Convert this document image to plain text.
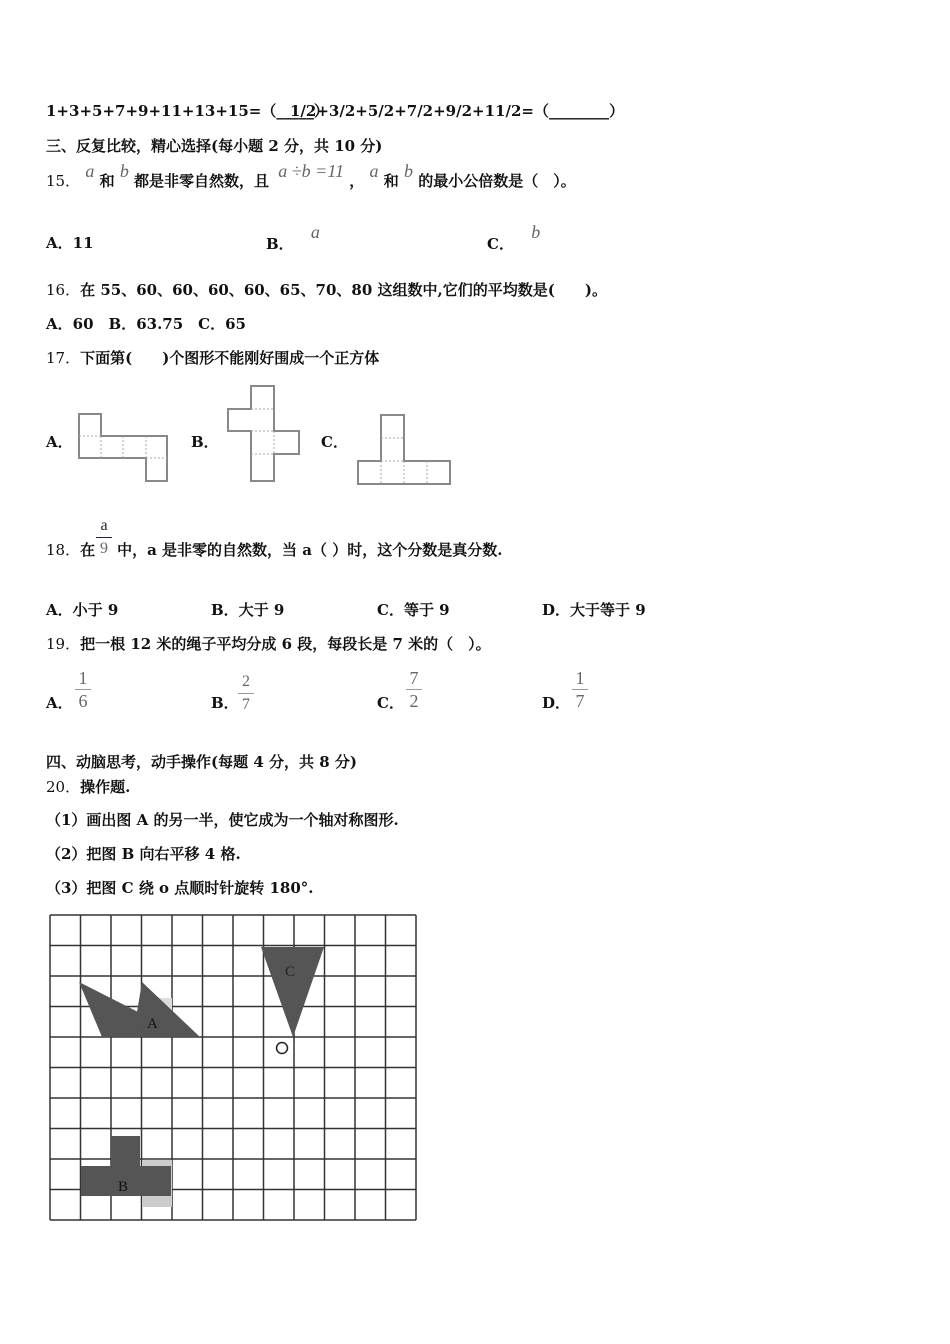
1+3+5+7+9+11+13+15=（_____）
1/2+3/2+5/2+7/2+9/2+11/2=（________）
三、反复比较，精心选择(每小题 2 分，共 10 分)
15． a 和 b 都是非零自然数，且 a ÷b =11 ， a 和 b 的最小公倍数是（　）。
A．11	B． a
C． b
16．在 55、60、60、60、60、65、70、80 这组数中,它们的平均数是(　　)。
A．60　B．63.75　C．65
17．下面第(　　)个图形不能刚好围成一个正方体
A．	B．	C．
18．在 中，a 是非零的自然数，当 a（ ）时，这个分数是真分数.
a
9
A．小于 9	B．大于 9	C．等于 9	D．大于等于 9
19．把一根 12 米的绳子平均分成 6 段，每段长是 7 米的（　）。
A．
1
6	B．
2
7	C．
7
2	D．
1
7
四、动脑思考，动手操作(每题 4 分，共 8 分)
20．操作题.
（1）画出图 A 的另一半，使它成为一个轴对称图形.
（2）把图 B 向右平移 4 格.
（3）把图 C 绕 o 点顺时针旋转 180°.
A
C
B
